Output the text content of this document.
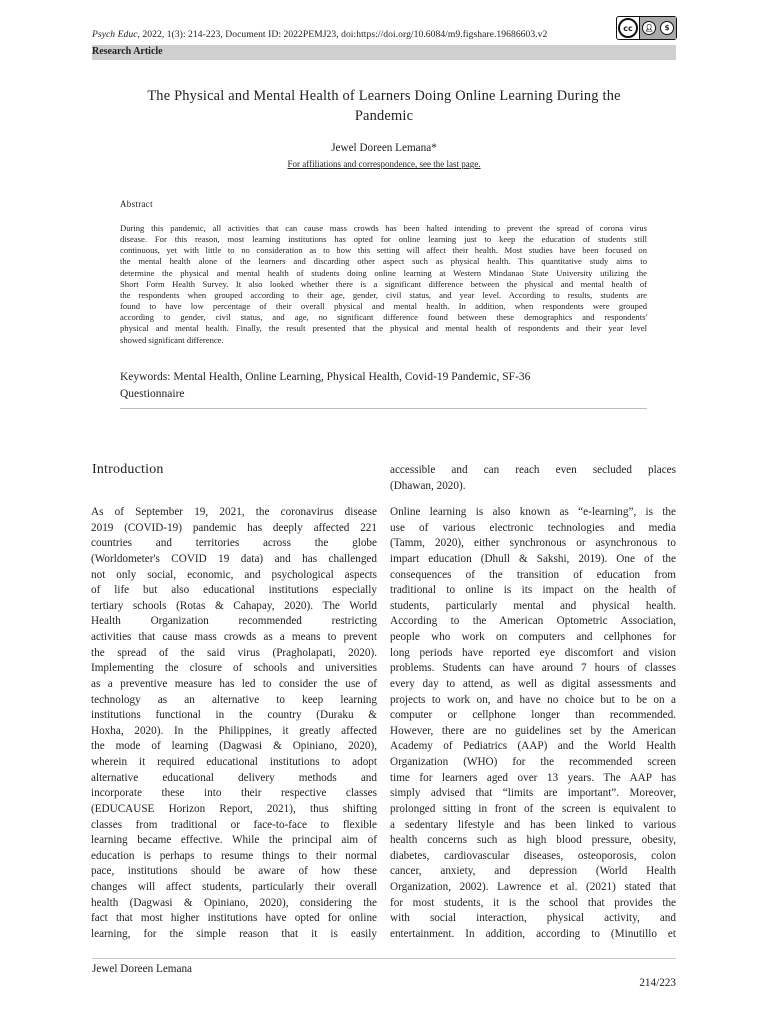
Psych Educ, 2022, 1(3): 214-223, Document ID: 2022PEMJ23, doi:https://doi.org/10.6084/m9.figshare.19686603.v2
cc	👤︎	$
Research Article
The Physical and Mental Health of Learners Doing Online Learning During the
Pandemic
Jewel Doreen Lemana*
For affiliations and correspondence, see the last page.
Abstract
During this pandemic, all activities that can cause mass crowds has been halted intending to prevent the spread of corona virus
disease. For this reason, most learning institutions has opted for online learning just to keep the education of students still
continuous, yet with little to no consideration as to how this setting will affect their health. Most studies have been focused on
the mental health alone of the learners and discarding other aspect such as physical health. This quantitative study aims to
determine the physical and mental health of students doing online learning at Western Mindanao State University utilizing the
Short Form Health Survey. It also looked whether there is a significant difference between the physical and mental health of
the respondents when grouped according to their age, gender, civil status, and year level. According to results, students are
found to have low percentage of their overall physical and mental health. In addition, when respondents were grouped
according to gender, civil status, and age, no significant difference found between these demographics and respondents'
physical and mental health. Finally, the result presented that the physical and mental health of respondents and their year level
showed significant difference.
Keywords: Mental Health, Online Learning, Physical Health, Covid-19 Pandemic, SF-36
Questionnaire
Introduction
As of September 19, 2021, the coronavirus disease
2019 (COVID-19) pandemic has deeply affected 221
countries and territories across the globe
(Worldometer's COVID 19 data) and has challenged
not only social, economic, and psychological aspects
of life but also educational institutions especially
tertiary schools (Rotas & Cahapay, 2020). The World
Health Organization recommended restricting
activities that cause mass crowds as a means to prevent
the spread of the said virus (Pragholapati, 2020).
Implementing the closure of schools and universities
as a preventive measure has led to consider the use of
technology as an alternative to keep learning
institutions functional in the country (Duraku &
Hoxha, 2020). In the Philippines, it greatly affected
the mode of learning (Dagwasi & Opiniano, 2020),
wherein it required educational institutions to adopt
alternative educational delivery methods and
incorporate these into their respective classes
(EDUCAUSE Horizon Report, 2021), thus shifting
classes from traditional or face-to-face to flexible
learning became effective. While the principal aim of
education is perhaps to resume things to their normal
pace, institutions should be aware of how these
changes will affect students, particularly their overall
health (Dagwasi & Opiniano, 2020), considering the
fact that most higher institutions have opted for online
learning, for the simple reason that it is easily
accessible and can reach even secluded places
(Dhawan, 2020).
Online learning is also known as “e-learning”, is the
use of various electronic technologies and media
(Tamm, 2020), either synchronous or asynchronous to
impart education (Dhull & Sakshi, 2019). One of the
consequences of the transition of education from
traditional to online is its impact on the health of
students, particularly mental and physical health.
According to the American Optometric Association,
people who work on computers and cellphones for
long periods have reported eye discomfort and vision
problems. Students can have around 7 hours of classes
every day to attend, as well as digital assessments and
projects to work on, and have no choice but to be on a
computer or cellphone longer than recommended.
However, there are no guidelines set by the American
Academy of Pediatrics (AAP) and the World Health
Organization (WHO) for the recommended screen
time for learners aged over 13 years. The AAP has
simply advised that “limits are important”. Moreover,
prolonged sitting in front of the screen is equivalent to
a sedentary lifestyle and has been linked to various
health concerns such as high blood pressure, obesity,
diabetes, cardiovascular diseases, osteoporosis, colon
cancer, anxiety, and depression (World Health
Organization, 2002). Lawrence et al. (2021) stated that
for most students, it is the school that provides the
with social interaction, physical activity, and
entertainment. In addition, according to (Minutillo et
Jewel Doreen Lemana
214/223
